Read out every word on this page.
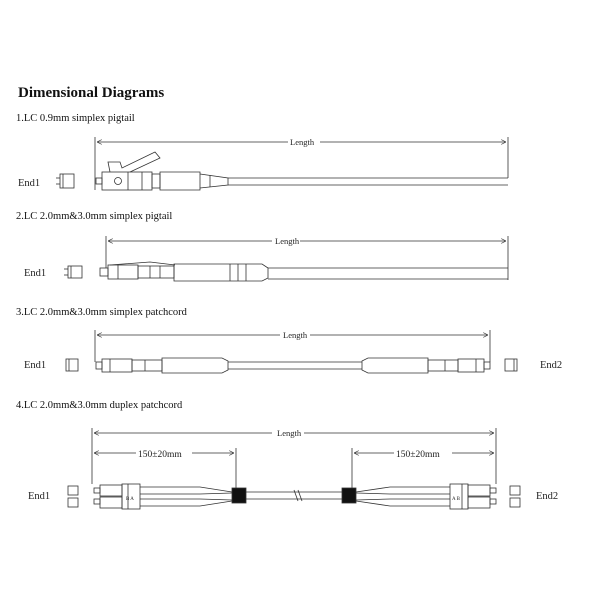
Dimensional Diagrams
1.LC 0.9mm simplex pigtail
2.LC 2.0mm&3.0mm simplex pigtail
3.LC 2.0mm&3.0mm simplex patchcord
4.LC 2.0mm&3.0mm duplex patchcord
Length
End1
Length
End1
Length
End1	End2
Length
150±20mm	150±20mm
B A	A B
End1	End2
